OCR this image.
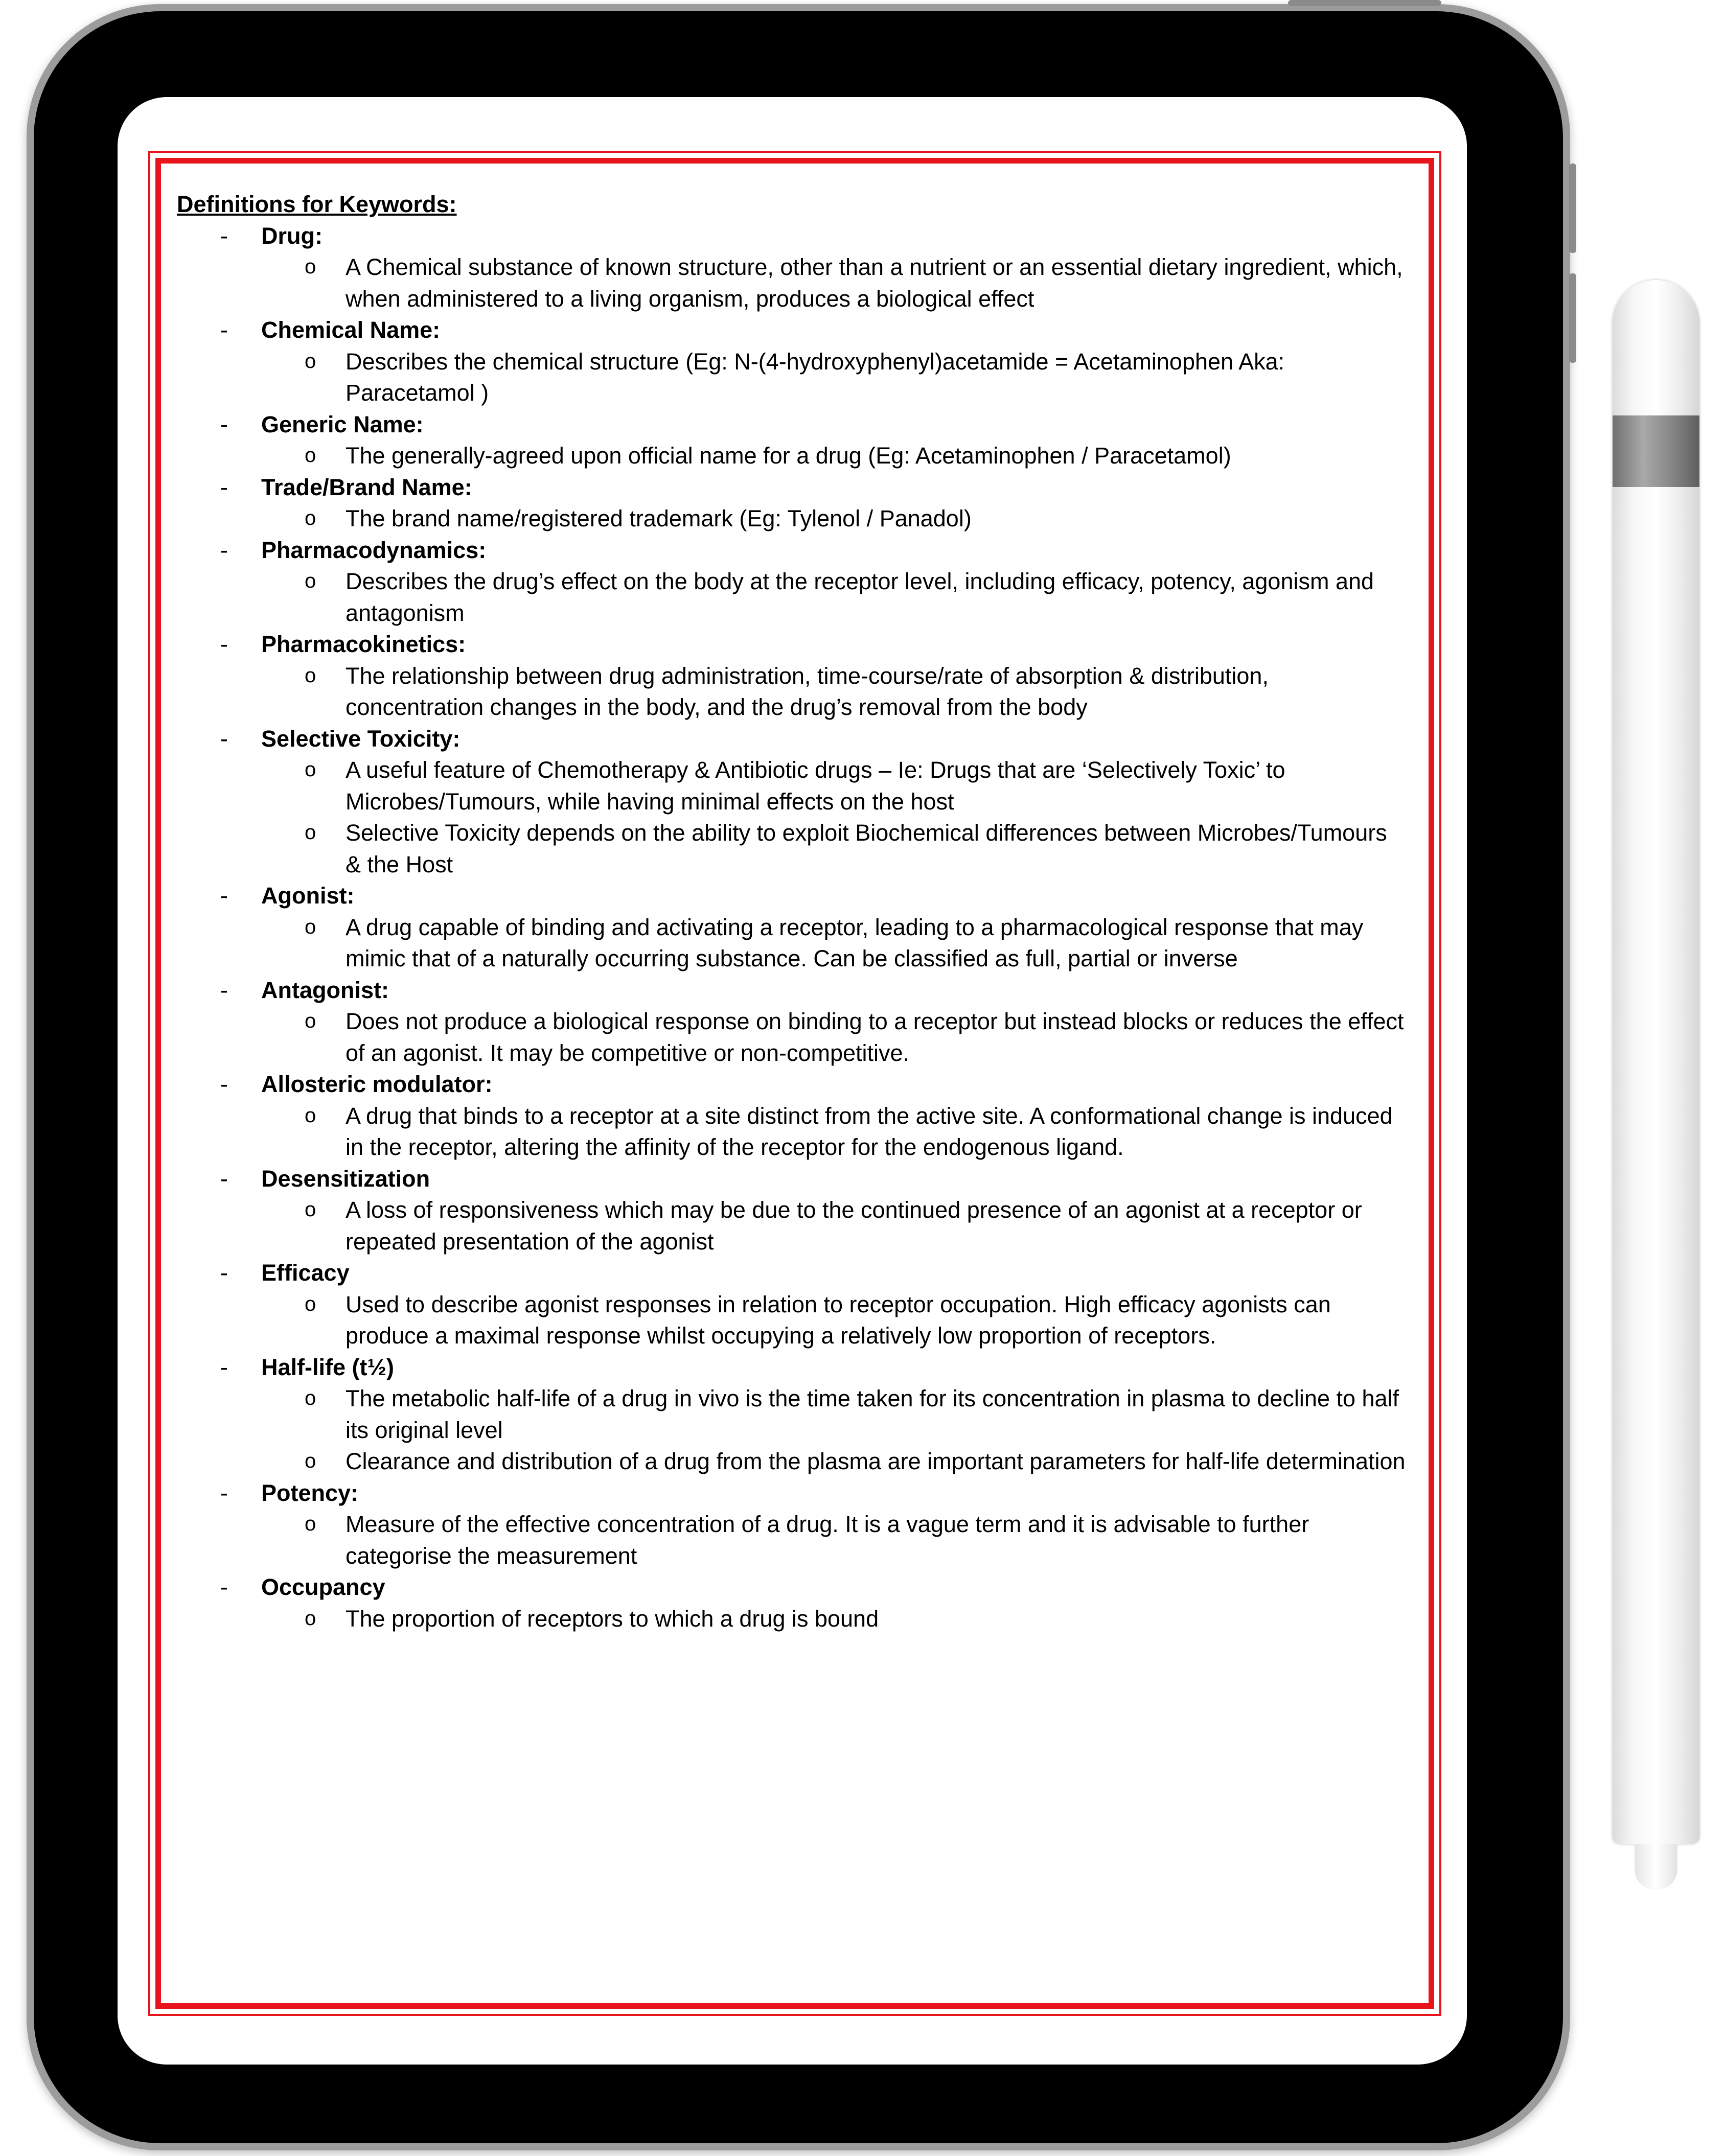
Definitions for Keywords:
-	Drug:
o	A Chemical substance of known structure, other than a nutrient or an essential dietary ingredient, which, when administered to a living organism, produces a biological effect
-	Chemical Name:
o	Describes the chemical structure (Eg: N-(4-hydroxyphenyl)acetamide = Acetaminophen Aka: Paracetamol )
-	Generic Name:
o	The generally-agreed upon official name for a drug (Eg: Acetaminophen / Paracetamol)
-	Trade/Brand Name:
o	The brand name/registered trademark (Eg: Tylenol / Panadol)
-	Pharmacodynamics:
o	Describes the drug’s effect on the body at the receptor level, including efficacy, potency, agonism and antagonism
-	Pharmacokinetics:
o	The relationship between drug administration, time-course/rate of absorption & distribution, concentration changes in the body, and the drug’s removal from the body
-	Selective Toxicity:
o	A useful feature of Chemotherapy & Antibiotic drugs – Ie: Drugs that are ‘Selectively Toxic’ to Microbes/Tumours, while having minimal effects on the host
o	Selective Toxicity depends on the ability to exploit Biochemical differences between Microbes/Tumours & the Host
-	Agonist:
o	A drug capable of binding and activating a receptor, leading to a pharmacological response that may mimic that of a naturally occurring substance. Can be classified as full, partial or inverse
-	Antagonist:
o	Does not produce a biological response on binding to a receptor but instead blocks or reduces the effect of an agonist. It may be competitive or non-competitive.
-	Allosteric modulator:
o	A drug that binds to a receptor at a site distinct from the active site. A conformational change is induced in the receptor, altering the affinity of the receptor for the endogenous ligand.
-	Desensitization
o	A loss of responsiveness which may be due to the continued presence of an agonist at a receptor or repeated presentation of the agonist
-	Efficacy
o	Used to describe agonist responses in relation to receptor occupation. High efficacy agonists can produce a maximal response whilst occupying a relatively low proportion of receptors.
-	Half-life (t½)
o	The metabolic half-life of a drug in vivo is the time taken for its concentration in plasma to decline to half its original level
o	Clearance and distribution of a drug from the plasma are important parameters for half-life determination
-	Potency:
o	Measure of the effective concentration of a drug. It is a vague term and it is advisable to further categorise the measurement
-	Occupancy
o	The proportion of receptors to which a drug is bound
